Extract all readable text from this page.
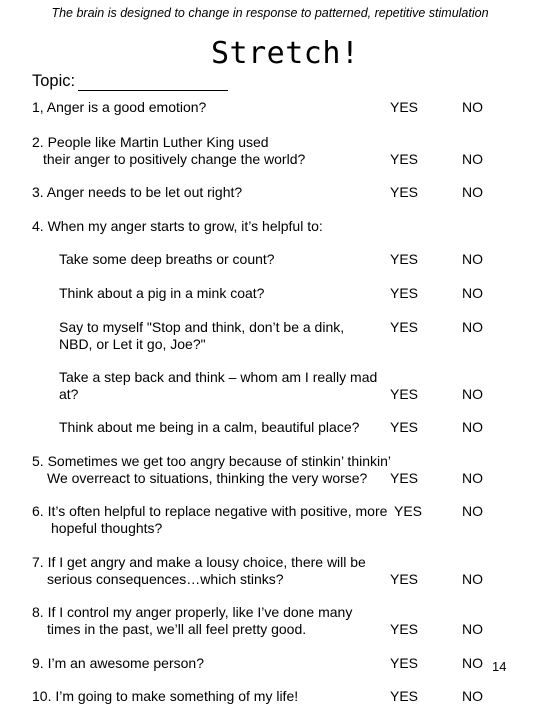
The brain is designed to change in response to patterned, repetitive stimulation
Stretch!
Topic:
1, Anger is a good emotion?	YES	NO
2. People like Martin Luther King used
their anger to positively change the world?	YES	NO
3. Anger needs to be let out right?	YES	NO
4. When my anger starts to grow, it’s helpful to:
Take some deep breaths or count?	YES	NO
Think about a pig in a mink coat?	YES	NO
Say to myself "Stop and think, don’t be a dink,
NBD, or Let it go, Joe?"
YES	NO
Take a step back and think – whom am I really mad
at?	YES	NO
Think about me being in a calm, beautiful place? YES	NO
5. Sometimes we get too angry because of stinkin’ thinkin’
We overreact to situations, thinking the very worse?	YES	NO
6. It’s often helpful to replace negative with positive, more
hopeful thoughts?
YES	NO
7. If I get angry and make a lousy choice, there will be
serious consequences…which stinks?	YES	NO
8. If I control my anger properly, like I’ve done many
times in the past, we’ll all feel pretty good.	YES	NO
9. I’m an awesome person?	YES	NO
10. I’m going to make something of my life!	YES	NO
14
